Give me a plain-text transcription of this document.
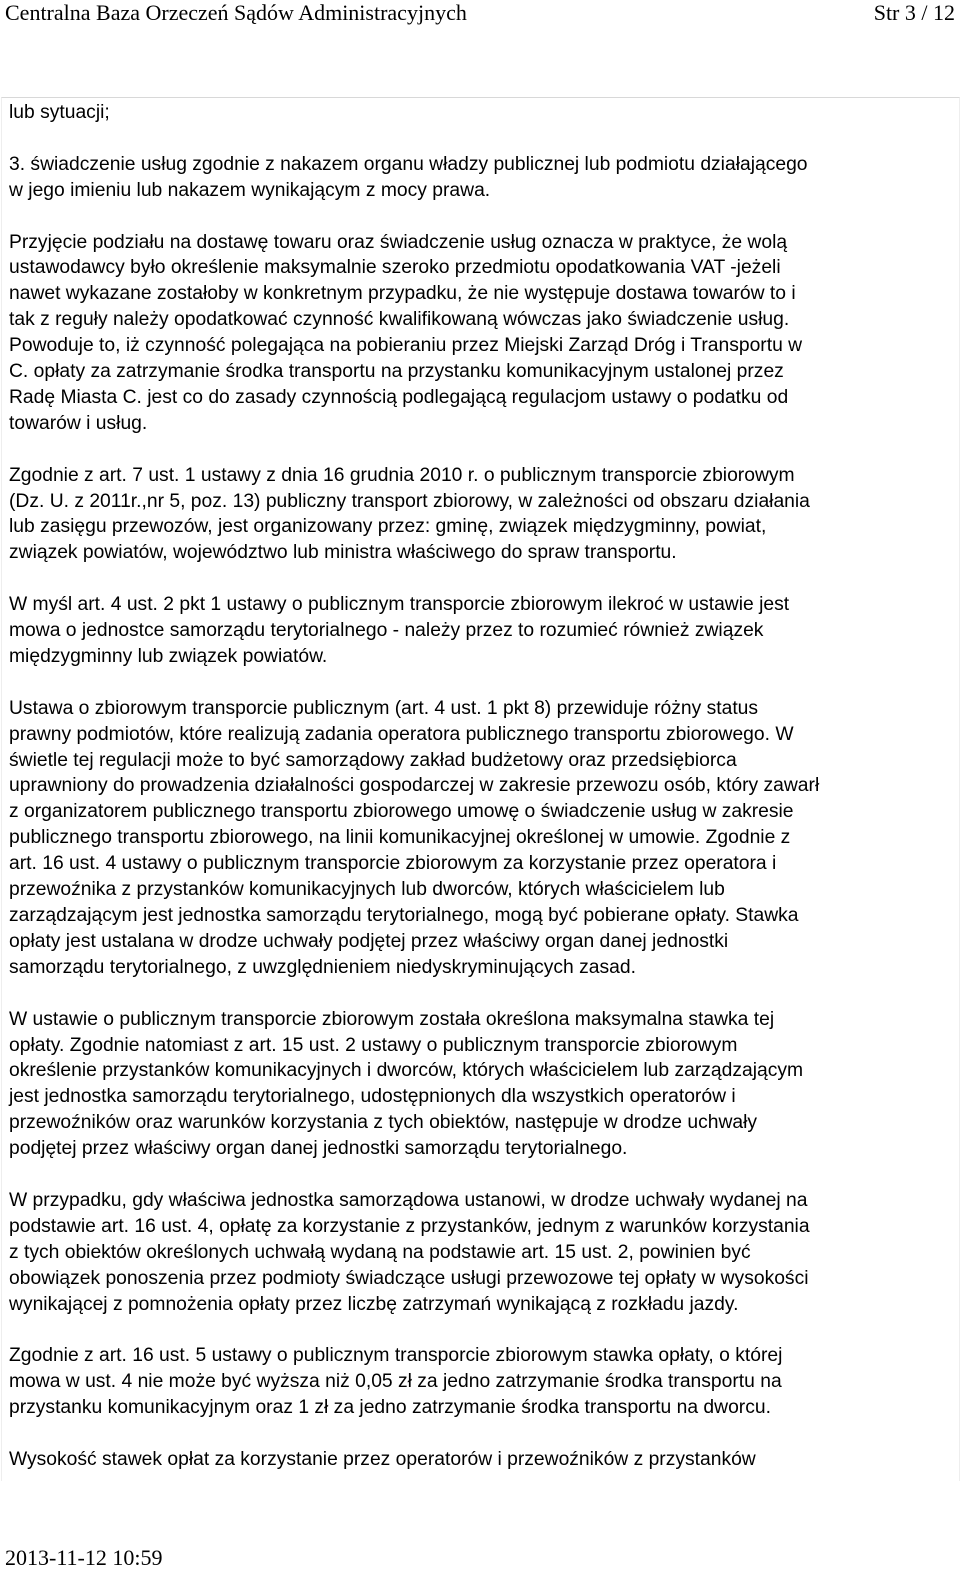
Centralna Baza Orzeczeń Sądów Administracyjnych	Str 3 / 12

lub sytuacji;

3. świadczenie usług zgodnie z nakazem organu władzy publicznej lub podmiotu działającego
w jego imieniu lub nakazem wynikającym z mocy prawa.

Przyjęcie podziału na dostawę towaru oraz świadczenie usług oznacza w praktyce, że wolą
ustawodawcy było określenie maksymalnie szeroko przedmiotu opodatkowania VAT -jeżeli
nawet wykazane zostałoby w konkretnym przypadku, że nie występuje dostawa towarów to i
tak z reguły należy opodatkować czynność kwalifikowaną wówczas jako świadczenie usług.
Powoduje to, iż czynność polegająca na pobieraniu przez Miejski Zarząd Dróg i Transportu w
C. opłaty za zatrzymanie środka transportu na przystanku komunikacyjnym ustalonej przez
Radę Miasta C. jest co do zasady czynnością podlegającą regulacjom ustawy o podatku od
towarów i usług.

Zgodnie z art. 7 ust. 1 ustawy z dnia 16 grudnia 2010 r. o publicznym transporcie zbiorowym
(Dz. U. z 2011r.,nr 5, poz. 13) publiczny transport zbiorowy, w zależności od obszaru działania
lub zasięgu przewozów, jest organizowany przez: gminę, związek międzygminny, powiat,
związek powiatów, województwo lub ministra właściwego do spraw transportu.

W myśl art. 4 ust. 2 pkt 1 ustawy o publicznym transporcie zbiorowym ilekroć w ustawie jest
mowa o jednostce samorządu terytorialnego - należy przez to rozumieć również związek
międzygminny lub związek powiatów.

Ustawa o zbiorowym transporcie publicznym (art. 4 ust. 1 pkt 8) przewiduje różny status
prawny podmiotów, które realizują zadania operatora publicznego transportu zbiorowego. W
świetle tej regulacji może to być samorządowy zakład budżetowy oraz przedsiębiorca
uprawniony do prowadzenia działalności gospodarczej w zakresie przewozu osób, który zawarł
z organizatorem publicznego transportu zbiorowego umowę o świadczenie usług w zakresie
publicznego transportu zbiorowego, na linii komunikacyjnej określonej w umowie. Zgodnie z
art. 16 ust. 4 ustawy o publicznym transporcie zbiorowym za korzystanie przez operatora i
przewoźnika z przystanków komunikacyjnych lub dworców, których właścicielem lub
zarządzającym jest jednostka samorządu terytorialnego, mogą być pobierane opłaty. Stawka
opłaty jest ustalana w drodze uchwały podjętej przez właściwy organ danej jednostki
samorządu terytorialnego, z uwzględnieniem niedyskryminujących zasad.

W ustawie o publicznym transporcie zbiorowym została określona maksymalna stawka tej
opłaty. Zgodnie natomiast z art. 15 ust. 2 ustawy o publicznym transporcie zbiorowym
określenie przystanków komunikacyjnych i dworców, których właścicielem lub zarządzającym
jest jednostka samorządu terytorialnego, udostępnionych dla wszystkich operatorów i
przewoźników oraz warunków korzystania z tych obiektów, następuje w drodze uchwały
podjętej przez właściwy organ danej jednostki samorządu terytorialnego.

W przypadku, gdy właściwa jednostka samorządowa ustanowi, w drodze uchwały wydanej na
podstawie art. 16 ust. 4, opłatę za korzystanie z przystanków, jednym z warunków korzystania
z tych obiektów określonych uchwałą wydaną na podstawie art. 15 ust. 2, powinien być
obowiązek ponoszenia przez podmioty świadczące usługi przewozowe tej opłaty w wysokości
wynikającej z pomnożenia opłaty przez liczbę zatrzymań wynikającą z rozkładu jazdy.

Zgodnie z art. 16 ust. 5 ustawy o publicznym transporcie zbiorowym stawka opłaty, o której
mowa w ust. 4 nie może być wyższa niż 0,05 zł za jedno zatrzymanie środka transportu na
przystanku komunikacyjnym oraz 1 zł za jedno zatrzymanie środka transportu na dworcu.

Wysokość stawek opłat za korzystanie przez operatorów i przewoźników z przystanków

2013-11-12 10:59
